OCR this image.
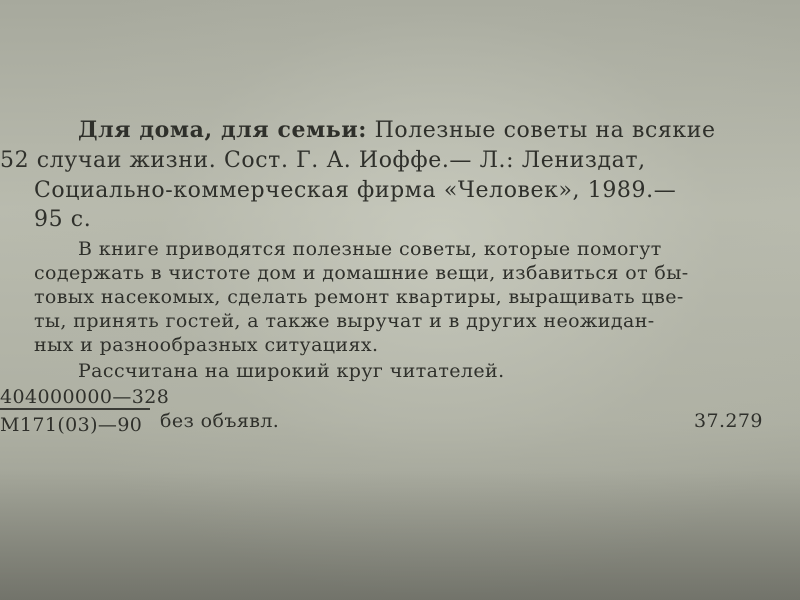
Для дома, для семьи: Полезные советы на всякие
52 случаи жизни. Сост. Г. А. Иоффе.— Л.: Лениздат,
Социально-коммерческая фирма «Человек», 1989.—
95 с.
В книге приводятся полезные советы, которые помогут
содержать в чистоте дом и домашние вещи, избавиться от бы-
товых насекомых, сделать ремонт квартиры, выращивать цве-
ты, принять гостей, а также выручат и в других неожидан-
ных и разнообразных ситуациях.
Рассчитана на широкий круг читателей.
404000000—328
М171(03)—90 без объявл.	37.279
